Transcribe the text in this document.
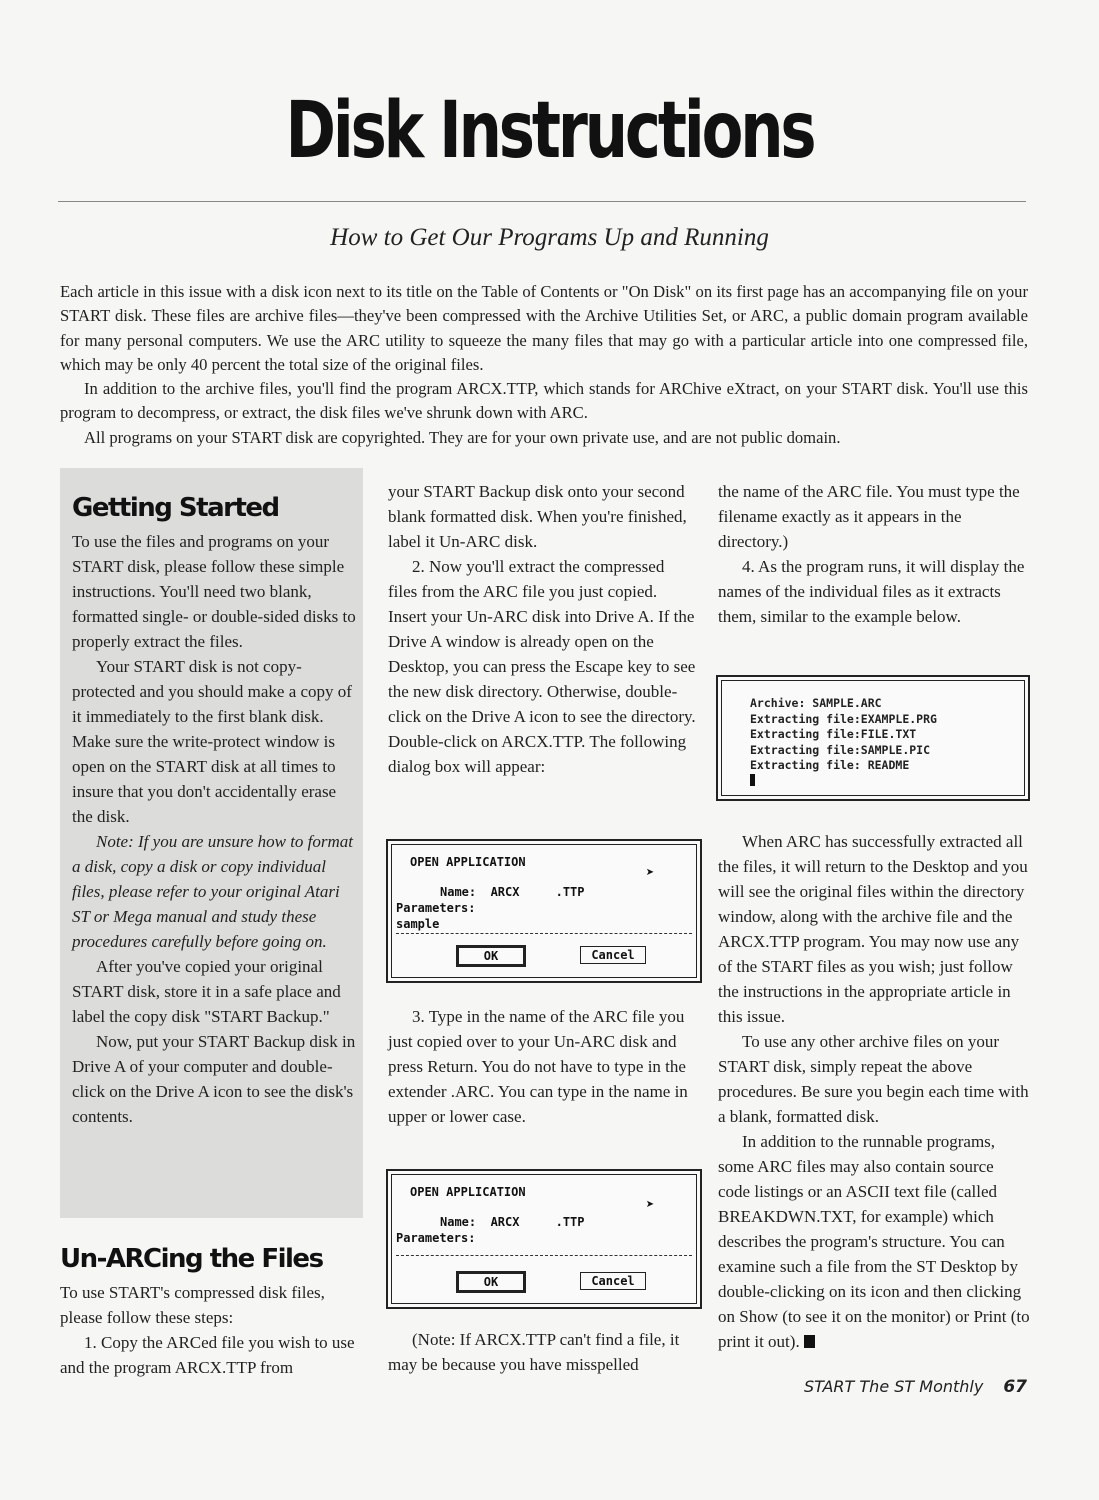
Disk Instructions
How to Get Our Programs Up and Running

Each article in this issue with a disk icon next to its title on the Table of Contents or "On Disk" on its first page has an accompanying file on your START disk. These files are archive files—they've been compressed with the Archive Utilities Set, or ARC, a public domain program available for many personal computers. We use the ARC utility to squeeze the many files that may go with a particular article into one compressed file, which may be only 40 percent the total size of the original files.

In addition to the archive files, you'll find the program ARCX.TTP, which stands for ARChive eXtract, on your START disk. You'll use this program to decompress, or extract, the disk files we've shrunk down with ARC.

All programs on your START disk are copyrighted. They are for your own private use, and are not public domain.

Getting Started

To use the files and programs on your START disk, please follow these simple instructions. You'll need two blank, formatted single- or double-sided disks to properly extract the files.

Your START disk is not copy-protected and you should make a copy of it immediately to the first blank disk. Make sure the write-protect window is open on the START disk at all times to insure that you don't accidentally erase the disk.

Note: If you are unsure how to format a disk, copy a disk or copy individual files, please refer to your original Atari ST or Mega manual and study these procedures carefully before going on.

After you've copied your original START disk, store it in a safe place and label the copy disk "START Backup."

Now, put your START Backup disk in Drive A of your computer and double-click on the Drive A icon to see the disk's contents.

Un-ARCing the Files

To use START's compressed disk files, please follow these steps:

1. Copy the ARCed file you wish to use and the program ARCX.TTP from

your START Backup disk onto your second blank formatted disk. When you're finished, label it Un-ARC disk.

2. Now you'll extract the compressed files from the ARC file you just copied. Insert your Un-ARC disk into Drive A. If the Drive A window is already open on the Desktop, you can press the Escape key to see the new disk directory. Otherwise, double-click on the Drive A icon to see the directory. Double-click on ARCX.TTP. The following dialog box will appear:

OPEN APPLICATION
➤
Name:  ARCX     .TTP
Parameters:
sample
OK	Cancel

3. Type in the name of the ARC file you just copied over to your Un-ARC disk and press Return. You do not have to type in the extender .ARC. You can type in the name in upper or lower case.

OPEN APPLICATION
➤
Name:  ARCX     .TTP
Parameters:
OK	Cancel

(Note: If ARCX.TTP can't find a file, it may be because you have misspelled

the name of the ARC file. You must type the filename exactly as it appears in the directory.)

4. As the program runs, it will display the names of the individual files as it extracts them, similar to the example below.

Archive: SAMPLE.ARC
Extracting file:EXAMPLE.PRG
Extracting file:FILE.TXT
Extracting file:SAMPLE.PIC
Extracting file: README

When ARC has successfully extracted all the files, it will return to the Desktop and you will see the original files within the directory window, along with the archive file and the ARCX.TTP program. You may now use any of the START files as you wish; just follow the instructions in the appropriate article in this issue.

To use any other archive files on your START disk, simply repeat the above procedures. Be sure you begin each time with a blank, formatted disk.

In addition to the runnable programs, some ARC files may also contain source code listings or an ASCII text file (called BREAKDWN.TXT, for example) which describes the program's structure. You can examine such a file from the ST Desktop by double-clicking on its icon and then clicking on Show (to see it on the monitor) or Print (to print it out).

START The ST Monthly 67
